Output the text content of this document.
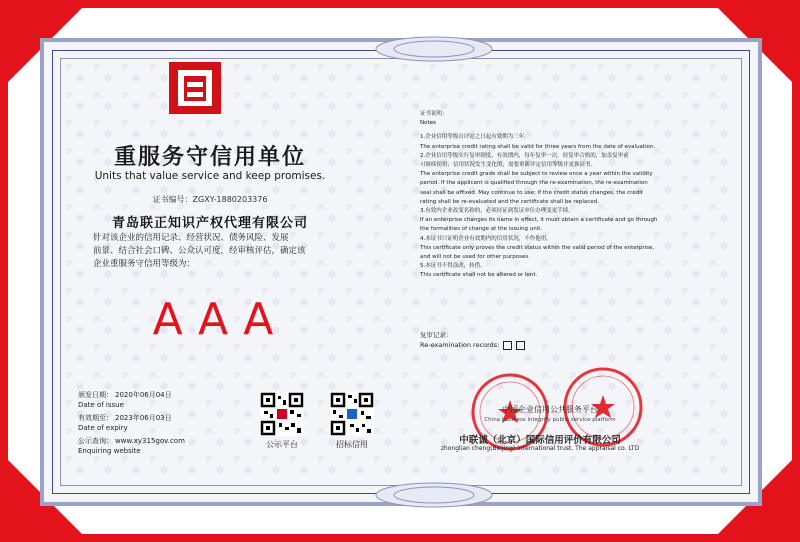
重服务守信用单位
Units that value service and keep promises.
证书编号：ZGXY-1880203376
青岛联正知识产权代理有限公司
针对该企业的信用记录、经营状况、债务风险、发展
前景、结合社会口碑、公众认可度，经审核评估，确定该
企业重服务守信用等级为：
AAA
颁发日期： 2020年06月04日
Date of issue
有效期至： 2023年06月03日
Date of expiry
公示查询： www.xy315gov.com
Enquiring website
公示平台	招标信用
证书说明：
Notes
1.企业信用等级自评定之日起有效期为三年。
The enterprise credit rating shall be valid for three years from the date of evaluation.
2.企业信用等级实行复审制度，有效期内，每年复审一次。经复审合格的，加盖复审前
可继续使用；信用状况发生变化的，需要重新评定信用等级并更换证书。
The enterprise credit grade shall be subject to review once a year within the validity
period. If the applicant is qualified through the re-examination, the re-examination
seal shall be affixed. May continue to use; If the credit status changes, the credit
rating shall be re-evaluated and the certificate shall be replaced.
3.有效内企业改变名称的，必须持证到发证单位办理变更手续。
If an enterprise changes its name in effect, it must obtain a certificate and go through
the formalities of change at the issuing unit.
4.本证书只证明企业有效期内的信用状况，不作他用。
This certificate only proves the credit status within the valid period of the enterprise,
and will not be used for other purposes.
5.本证书不得涂改，转借。
This certificate shall not be altered or lent.
复审记录：
Re-examination records:
中国企业信用公共服务平台
China business integrity public service platform
中联诚（北京）国际信用评价有限公司
zhonglian cheng(Beijing) international trust. The appraisal co. LTD
